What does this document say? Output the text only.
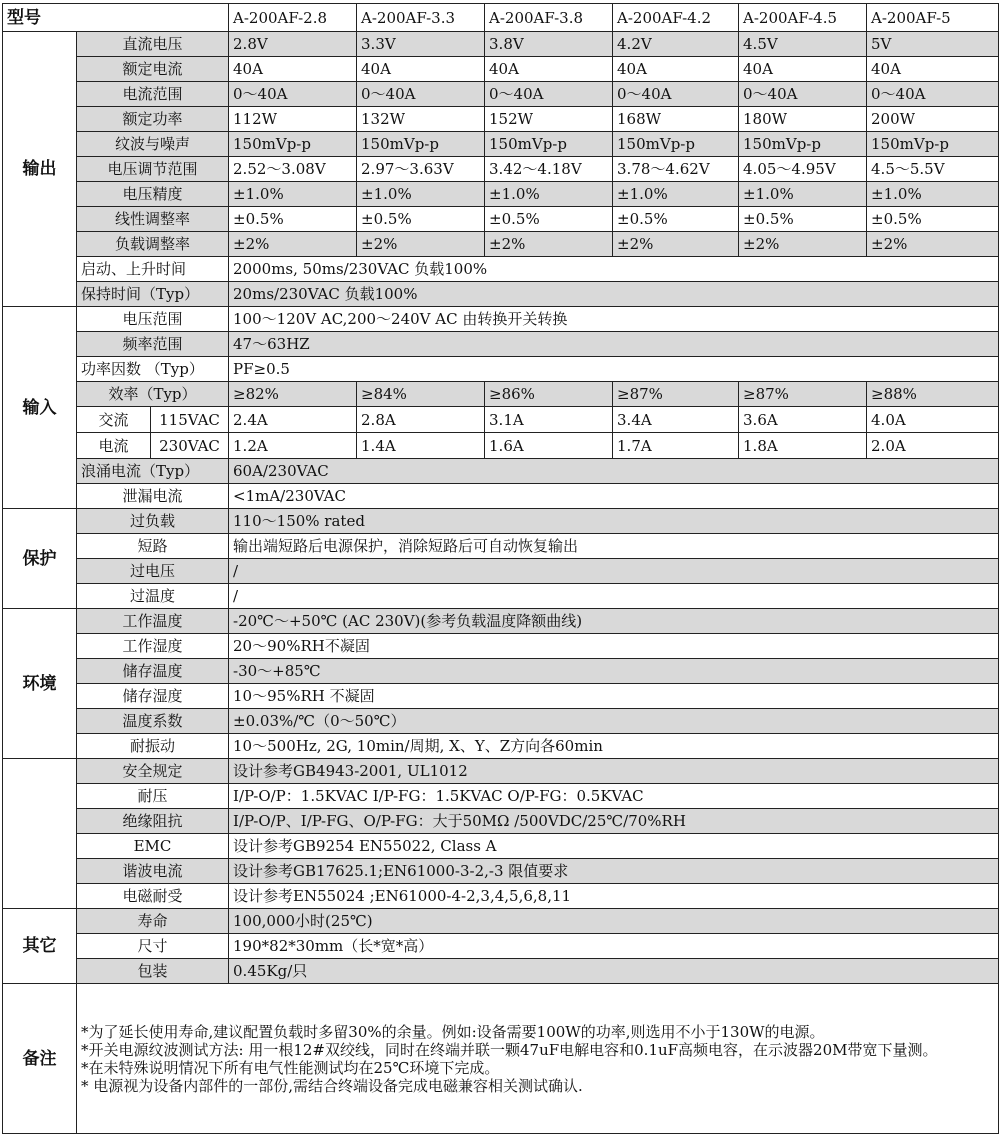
型号			A-200AF-2.8	A-200AF-3.3	A-200AF-3.8	A-200AF-4.2	A-200AF-4.5	A-200AF-5
输出	直流电压		2.8V	3.3V	3.8V	4.2V	4.5V	5V
	额定电流		40A	40A	40A	40A	40A	40A
	电流范围		0～40A	0～40A	0～40A	0～40A	0～40A	0～40A
	额定功率		112W	132W	152W	168W	180W	200W
	纹波与噪声		150mVp-p	150mVp-p	150mVp-p	150mVp-p	150mVp-p	150mVp-p
	电压调节范围		2.52～3.08V	2.97～3.63V	3.42～4.18V	3.78～4.62V	4.05～4.95V	4.5～5.5V
	电压精度		±1.0%	±1.0%	±1.0%	±1.0%	±1.0%	±1.0%
	线性调整率		±0.5%	±0.5%	±0.5%	±0.5%	±0.5%	±0.5%
	负载调整率		±2%	±2%	±2%	±2%	±2%	±2%
	启动、上升时间		2000ms, 50ms/230VAC 负载100%					
	保持时间（Typ）		20ms/230VAC 负载100%					
输入	电压范围		100～120V AC,200～240V AC 由转换开关转换					
	频率范围		47～63HZ					
	功率因数 （Typ）		PF≥0.5					
	效率（Typ）		≥82%	≥84%	≥86%	≥87%	≥87%	≥88%
	交流	115VAC	2.4A	2.8A	3.1A	3.4A	3.6A	4.0A
	电流	230VAC	1.2A	1.4A	1.6A	1.7A	1.8A	2.0A
	浪涌电流（Typ）		60A/230VAC					
	泄漏电流		<1mA/230VAC					
保护	过负载		110～150% rated					
	短路		输出端短路后电源保护，消除短路后可自动恢复输出					
	过电压		/					
	过温度		/					
环境	工作温度		-20℃～+50℃ (AC 230V)(参考负载温度降额曲线)					
	工作湿度		20～90%RH不凝固					
	储存温度		-30～+85℃					
	储存湿度		10～95%RH 不凝固					
	温度系数		±0.03%/℃（0～50℃）					
	耐振动		10～500Hz, 2G, 10min/周期, X、Y、Z方向各60min					
	安全规定		设计参考GB4943-2001, UL1012					
	耐压		I/P-O/P：1.5KVAC I/P-FG：1.5KVAC O/P-FG：0.5KVAC					
	绝缘阻抗		I/P-O/P、I/P-FG、O/P-FG：大于50MΩ /500VDC/25℃/70%RH					
	EMC		设计参考GB9254 EN55022, Class A					
	谐波电流		设计参考GB17625.1;EN61000-3-2,-3 限值要求					
	电磁耐受		设计参考EN55024 ;EN61000-4-2,3,4,5,6,8,11					
其它	寿命		100,000小时(25℃)					
	尺寸		190*82*30mm（长*宽*高）					
	包装		0.45Kg/只					
备注	*为了延长使用寿命,建议配置负载时多留30%的余量。例如:设备需要100W的功率,则选用不小于130W的电源。
*开关电源纹波测试方法: 用一根12#双绞线，同时在终端并联一颗47uF电解电容和0.1uF高频电容，在示波器20M带宽下量测。
*在未特殊说明情况下所有电气性能测试均在25℃环境下完成。
* 电源视为设备内部件的一部份,需结合终端设备完成电磁兼容相关测试确认.							
